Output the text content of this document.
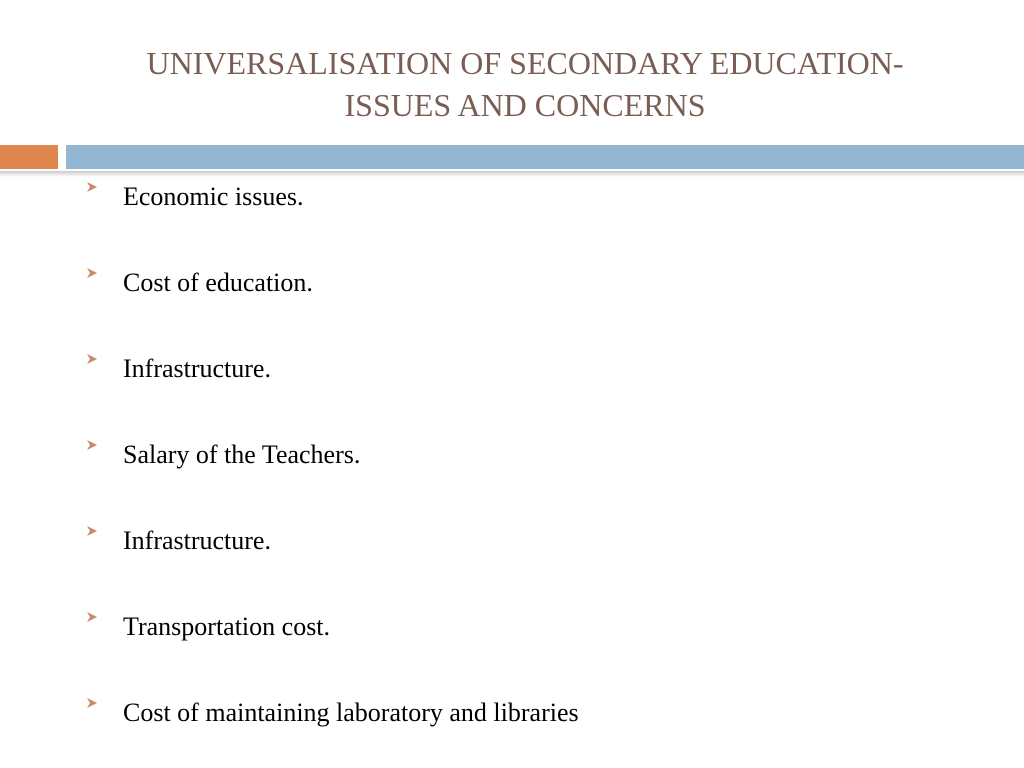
UNIVERSALISATION OF SECONDARY EDUCATION-
ISSUES AND CONCERNS
Economic issues.
Cost of education.
Infrastructure.
Salary of the Teachers.
Infrastructure.
Transportation cost.
Cost of maintaining laboratory and libraries
